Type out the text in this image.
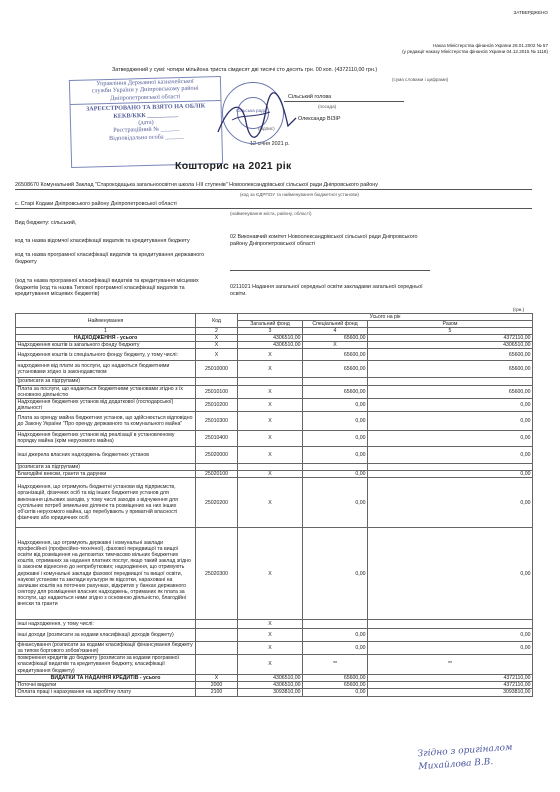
ЗАТВЕРДЖЕНО
Наказ Міністерства фінансів України 28.01.2002 № 57
(у редакції наказу Міністерства фінансів України 04.12.2015 № 1118)
Затверджений у сумі: чотири мільйона триста сімдесят дві тисячі сто десять грн. 00 коп. (4372110,00 грн.)
(сума словами і цифрами)
Сільський голова
(посада)
Олександр ВІЗІР
(підпис)
12 січня 2021 р.
Управління Державної казначейської
служби України у Дніпровському районі
Дніпропетровської області
ЗАРЕЄСТРОВАНО ТА ВЗЯТО НА ОБЛІК
КЕКВ/ККК __________
(дата)
Реєстраційний № ______
Відповідальна особа ______
Сільська рада
Кошторис на 2021 рік
26508670 Комунальний Заклад "Старокодацька загальноосвітня школа І-ІІІ ступенів" Новоолександрівської сільської ради Дніпровського району
(код за ЄДРПОУ та найменування бюджетної установи)
с. Старі Кодаки Дніпровського району Дніпропетровської області
(найменування міста, району, області)
Вид бюджету: сільський,
код та назва відомчої класифікації видатків та кредитування бюджету
02 Виконавчий комітет Новоолександрівської сільської ради Дніпровського району Дніпропетровської області
код та назва програмної класифікації видатків та кредитування державного бюджету
(код та назва програмної класифікації видатків та кредитування місцевих бюджетів (код та назва Типової програмної класифікації видатків та кредитування місцевих бюджетів)
0211021 Надання загальної середньої освіти закладами загальної середньої освіти.
(грн.)
Найменування	Код	Усього на рік		
		Загальний фонд	Спеціальний фонд	Разом
1	2	3	4	5
НАДХОДЖЕННЯ - усього	Х	4306510,00	65600,00	4372110,00
Надходження коштів із загального фонду бюджету	Х	4306510,00	Х	4306510,00
Надходження коштів із спеціального фонду бюджету, у тому числі:	Х	Х	65600,00	65600,00
надходження від плати за послуги, що надаються бюджетними установами згідно із законодавством	25010000	Х	65600,00	65600,00
(розписати за підгрупами)				
Плата за послуги, що надаються бюджетними установами згідно з їх основною діяльністю	25010100	Х	65600,00	65600,00
Надходження бюджетних установ від додаткової (господарської) діяльності	25010200	Х	0,00	0,00
Плата за оренду майна бюджетних установ, що здійснюється відповідно до Закону України "Про оренду державного та комунального майна"	25010300	Х	0,00	0,00
Надходження бюджетних установ від реалізації в установленому порядку майна (крім нерухомого майна)	25010400	Х	0,00	0,00
інші джерела власних надходжень бюджетних установ	25020000	Х	0,00	0,00
(розписати за підгрупами)				
Благодійні внески, гранти та дарунки	25020100	Х	0,00	0,00
Надходження, що отримують бюджетні установи від підприємств, організацій, фізичних осіб та від інших бюджетних установ для виконання цільових заходів, у тому числі заходів з відчуження для суспільних потреб земельних ділянок та розміщених на них інших об'єктів нерухомого майна, що перебувають у приватній власності фізичних або юридичних осіб	25020200	Х	0,00	0,00
Надходження, що отримують державні і комунальні заклади професійної (професійно-технічної), фахової передвищої та вищої освіти від розміщення на депозитах тимчасово вільних бюджетних коштів, отриманих за надання платних послуг, якщо такий заклад згідно із законом віднесено до неприбуткових; надходження, що отримують державні і комунальні заклади фахової передвищої та вищої освіти, наукові установи та заклади культури як відсотки, нараховані на залишки коштів на поточних рахунках, відкритих у банках державного сектору для розміщення власних надходжень, отриманих як плата за послуги, що надаються ними згідно з основною діяльністю, благодійні внески та гранти	25020300	Х	0,00	0,00
інші надходження, у тому числі:		Х		
інші доходи (розписати за кодами класифікації доходів бюджету)		Х	0,00	0,00
фінансування (розписати за кодами класифікації фінансування бюджету за типом боргового зобов'язання)		Х	0,00	0,00
повернення кредитів до бюджету (розписати за кодами програмної класифікації видатків та кредитування бюджету, класифікації кредитування бюджету)		Х	**	**
ВИДАТКИ ТА НАДАННЯ КРЕДИТІВ - усього	Х	4306510,00	65600,00	4372110,00
Поточні видатки	2000	4306510,00	65600,00	4372110,00
Оплата праці і нарахування на заробітну плату	2100	3093810,00	0,00	3093810,00
Згідно з оригіналом
Михайлова В.В.
